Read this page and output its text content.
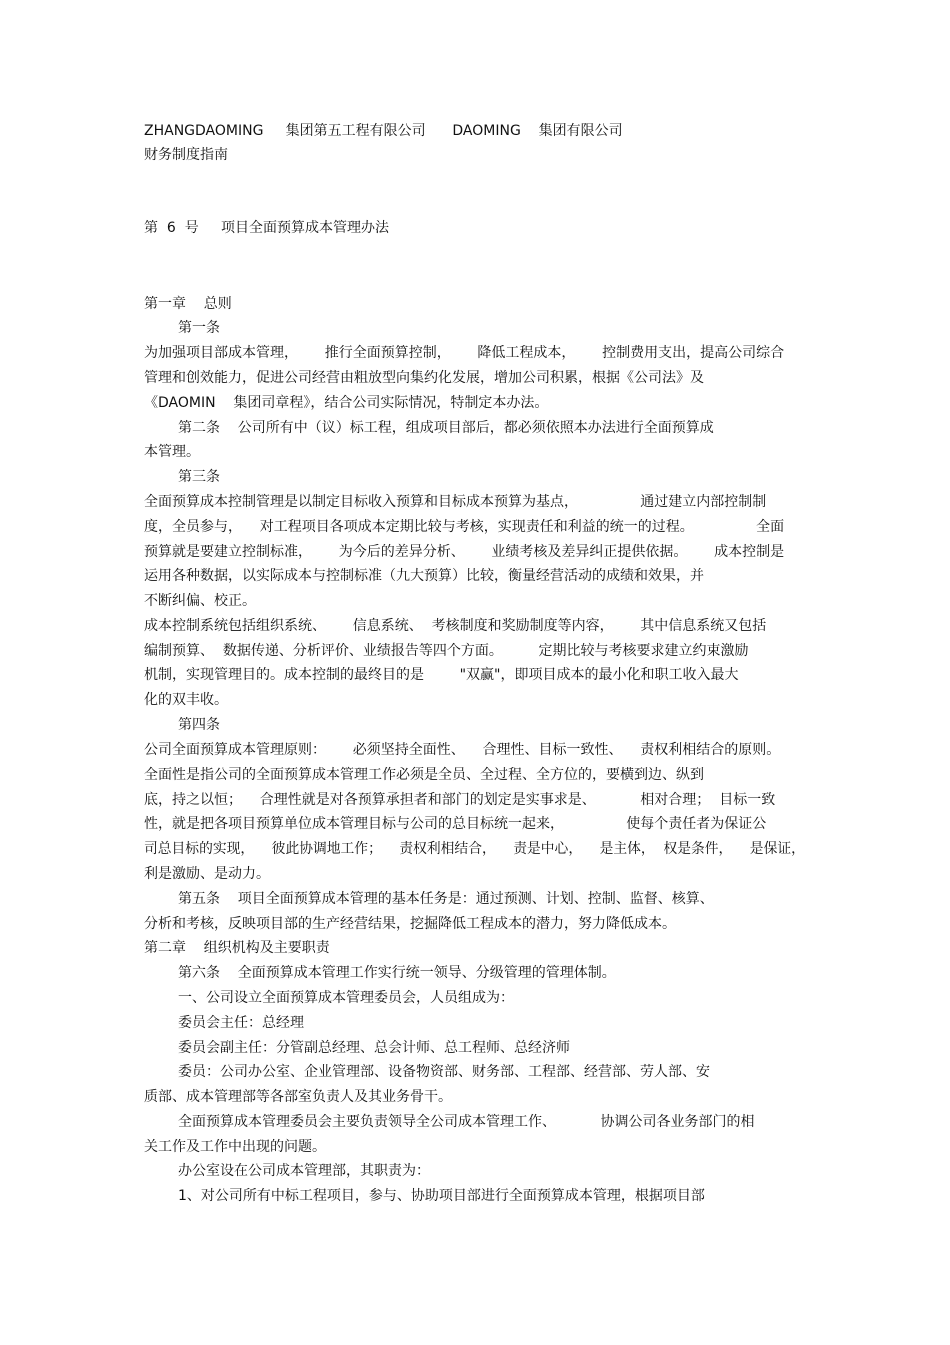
ZHANGDAOMING     集团第五工程有限公司      DAOMING    集团有限公司
财务制度指南
第  6  号     项目全面预算成本管理办法
第一章    总则
第一条
为加强项目部成本管理，      推行全面预算控制，      降低工程成本，      控制费用支出，提高公司综合
管理和创效能力，促进公司经营由粗放型向集约化发展，增加公司积累，根据《公司法》及
《DAOMIN    集团司章程》，结合公司实际情况，特制定本办法。
第二条    公司所有中（议）标工程，组成项目部后，都必须依照本办法进行全面预算成
本管理。
第三条
全面预算成本控制管理是以制定目标收入预算和目标成本预算为基点，              通过建立内部控制制
度，全员参与，    对工程项目各项成本定期比较与考核，实现责任和利益的统一的过程。              全面
预算就是要建立控制标准，      为今后的差异分析、      业绩考核及差异纠正提供依据。      成本控制是
运用各种数据，以实际成本与控制标准（九大预算）比较，衡量经营活动的成绩和效果，并
不断纠偏、校正。
成本控制系统包括组织系统、      信息系统、  考核制度和奖励制度等内容，      其中信息系统又包括
编制预算、  数据传递、分析评价、业绩报告等四个方面。        定期比较与考核要求建立约束激励
机制，实现管理目的。成本控制的最终目的是        "双赢"，即项目成本的最小化和职工收入最大
化的双丰收。
第四条
公司全面预算成本管理原则：      必须坚持全面性、    合理性、目标一致性、    责权利相结合的原则。
全面性是指公司的全面预算成本管理工作必须是全员、全过程、全方位的，要横到边、纵到
底，持之以恒；    合理性就是对各预算承担者和部门的划定是实事求是、          相对合理；  目标一致
性，就是把各项目预算单位成本管理目标与公司的总目标统一起来，              使每个责任者为保证公
司总目标的实现，    彼此协调地工作；    责权利相结合，    责是中心，    是主体，  权是条件，    是保证，
利是激励、是动力。
第五条    项目全面预算成本管理的基本任务是：通过预测、计划、控制、监督、核算、
分析和考核，反映项目部的生产经营结果，挖掘降低工程成本的潜力，努力降低成本。
第二章    组织机构及主要职责
第六条    全面预算成本管理工作实行统一领导、分级管理的管理体制。
一、公司设立全面预算成本管理委员会，人员组成为：
委员会主任：总经理
委员会副主任：分管副总经理、总会计师、总工程师、总经济师
委员：公司办公室、企业管理部、设备物资部、财务部、工程部、经营部、劳人部、安
质部、成本管理部等各部室负责人及其业务骨干。
全面预算成本管理委员会主要负责领导全公司成本管理工作、          协调公司各业务部门的相
关工作及工作中出现的问题。
办公室设在公司成本管理部，其职责为：
1、对公司所有中标工程项目，参与、协助项目部进行全面预算成本管理，根据项目部
